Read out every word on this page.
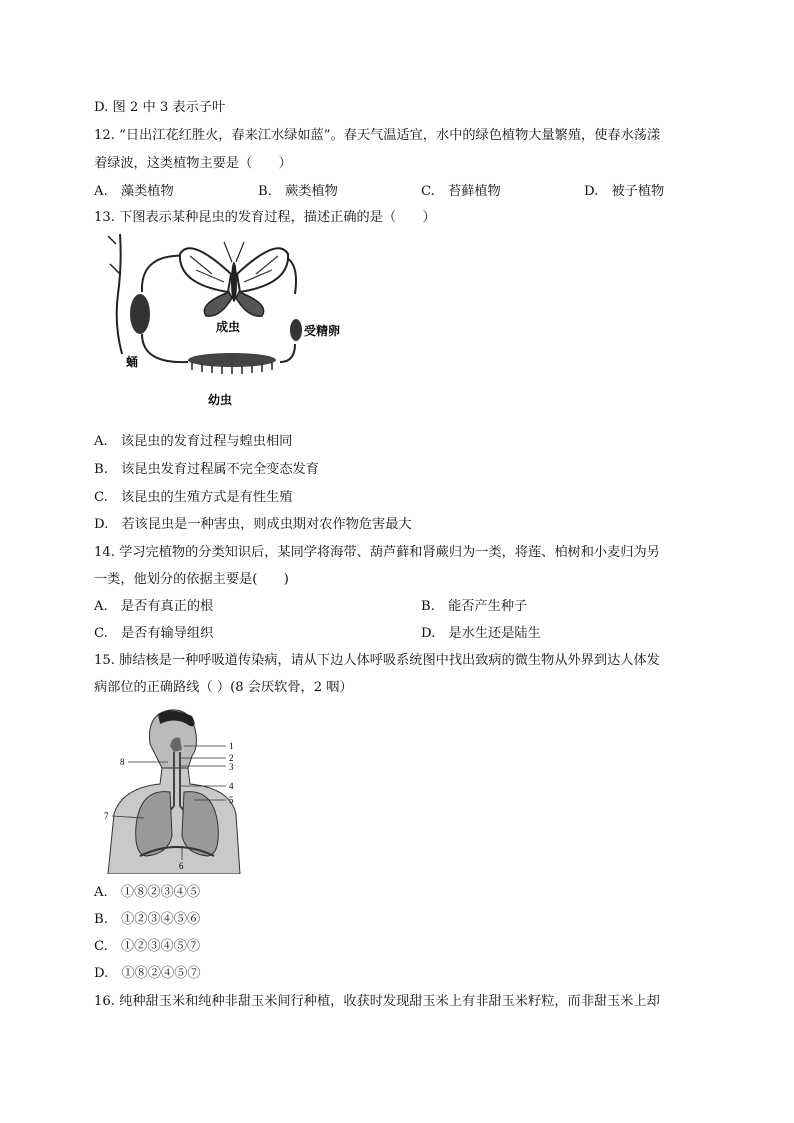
D. 图 2 中 3 表示子叶
12. “日出江花红胜火，春来江水绿如蓝”。春天气温适宜，水中的绿色植物大量繁殖，使春水荡漾
着绿波，这类植物主要是（　　）
A.　藻类植物	B.　蕨类植物	C.　苔藓植物	D.　被子植物
13. 下图表示某种昆虫的发育过程，描述正确的是（　　）
成虫	受精卵
蛹
幼虫
A.　该昆虫的发育过程与蝗虫相同
B.　该昆虫发育过程属不完全变态发育
C.　该昆虫的生殖方式是有性生殖
D.　若该昆虫是一种害虫，则成虫期对农作物危害最大
14. 学习完植物的分类知识后，某同学将海带、葫芦藓和肾蕨归为一类，将莲、柏树和小麦归为另
一类，他划分的依据主要是(　　)
A.　是否有真正的根	B.　能否产生种子
C.　是否有输导组织	D.　是水生还是陆生
15. 肺结核是一种呼吸道传染病，请从下边人体呼吸系统图中找出致病的微生物从外界到达人体发
病部位的正确路线（ ）(8 会厌软骨，2 咽）
1
2
3
4
5
6
7
8
A.　①⑧②③④⑤
B.　①②③④⑤⑥
C.　①②③④⑤⑦
D.　①⑧②④⑤⑦
16. 纯种甜玉米和纯种非甜玉米间行种植，收获时发现甜玉米上有非甜玉米籽粒，而非甜玉米上却
